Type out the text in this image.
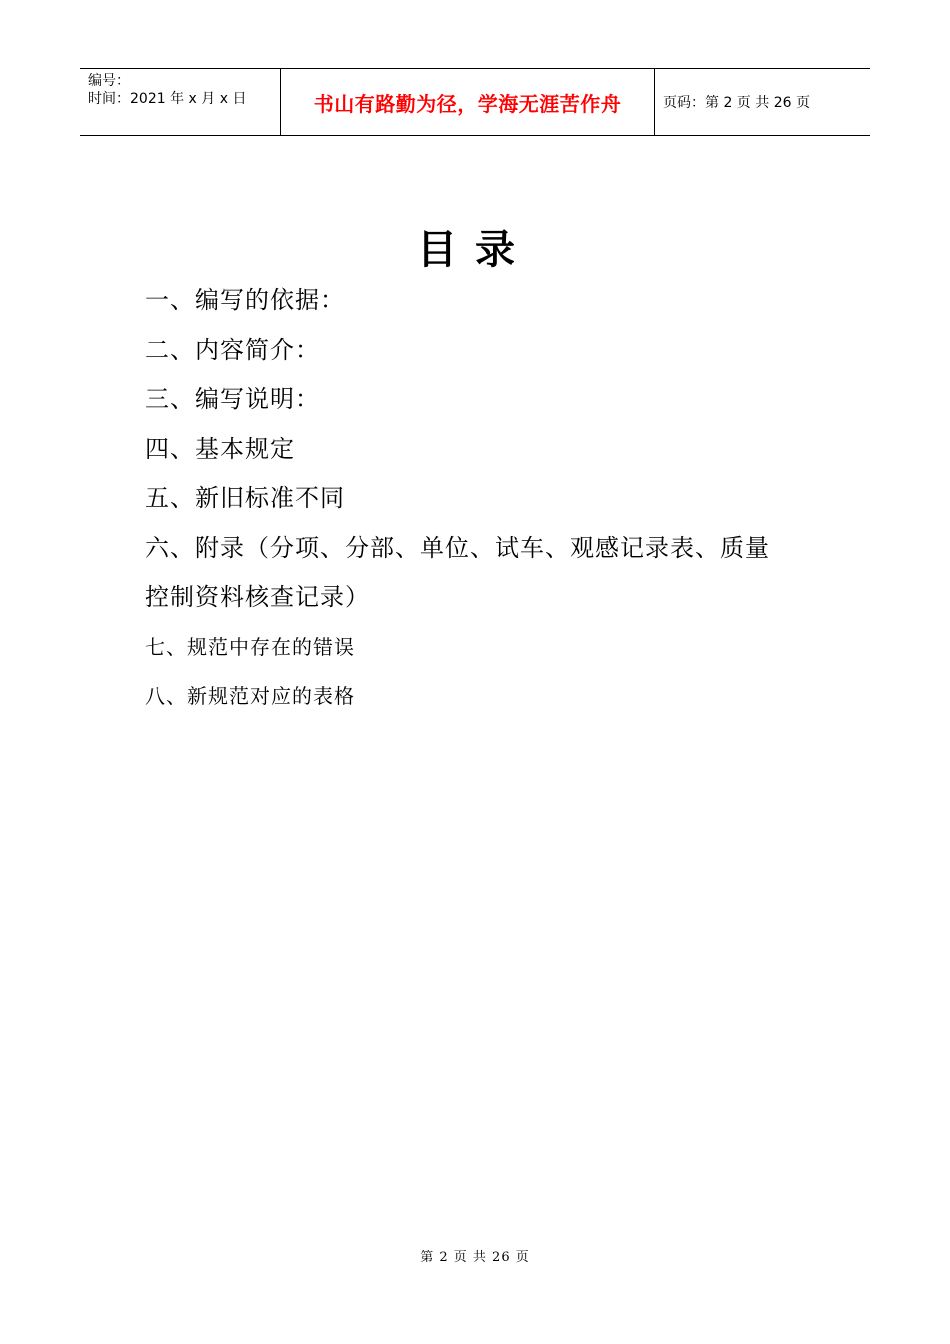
编号：
时间：2021 年 x 月 x 日	书山有路勤为径，学海无涯苦作舟	页码：第 2 页 共 26 页
目录
一、编写的依据：
二、内容简介：
三、编写说明：
四、基本规定
五、新旧标准不同
六、附录（分项、分部、单位、试车、观感记录表、质量
控制资料核查记录）
七、规范中存在的错误
八、新规范对应的表格
第 2 页 共 26 页
